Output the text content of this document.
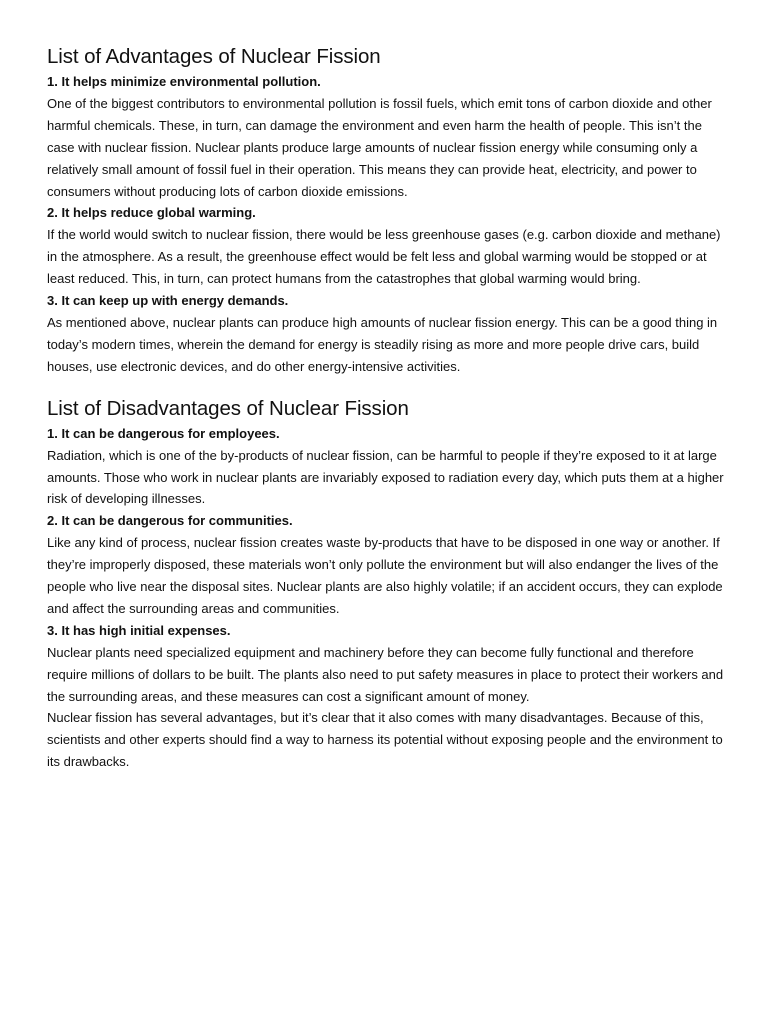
List of Advantages of Nuclear Fission

1. It helps minimize environmental pollution.

One of the biggest contributors to environmental pollution is fossil fuels, which emit tons of carbon dioxide and other harmful chemicals. These, in turn, can damage the environment and even harm the health of people. This isn’t the case with nuclear fission. Nuclear plants produce large amounts of nuclear fission energy while consuming only a relatively small amount of fossil fuel in their operation. This means they can provide heat, electricity, and power to consumers without producing lots of carbon dioxide emissions.

2. It helps reduce global warming.

If the world would switch to nuclear fission, there would be less greenhouse gases (e.g. carbon dioxide and methane) in the atmosphere. As a result, the greenhouse effect would be felt less and global warming would be stopped or at least reduced. This, in turn, can protect humans from the catastrophes that global warming would bring.

3. It can keep up with energy demands.

As mentioned above, nuclear plants can produce high amounts of nuclear fission energy. This can be a good thing in today’s modern times, wherein the demand for energy is steadily rising as more and more people drive cars, build houses, use electronic devices, and do other energy-intensive activities.

List of Disadvantages of Nuclear Fission

1. It can be dangerous for employees.

Radiation, which is one of the by-products of nuclear fission, can be harmful to people if they’re exposed to it at large amounts. Those who work in nuclear plants are invariably exposed to radiation every day, which puts them at a higher risk of developing illnesses.

2. It can be dangerous for communities.

Like any kind of process, nuclear fission creates waste by-products that have to be disposed in one way or another. If they’re improperly disposed, these materials won’t only pollute the environment but will also endanger the lives of the people who live near the disposal sites. Nuclear plants are also highly volatile; if an accident occurs, they can explode and affect the surrounding areas and communities.

3. It has high initial expenses.

Nuclear plants need specialized equipment and machinery before they can become fully functional and therefore require millions of dollars to be built. The plants also need to put safety measures in place to protect their workers and the surrounding areas, and these measures can cost a significant amount of money.

Nuclear fission has several advantages, but it’s clear that it also comes with many disadvantages. Because of this, scientists and other experts should find a way to harness its potential without exposing people and the environment to its drawbacks.
